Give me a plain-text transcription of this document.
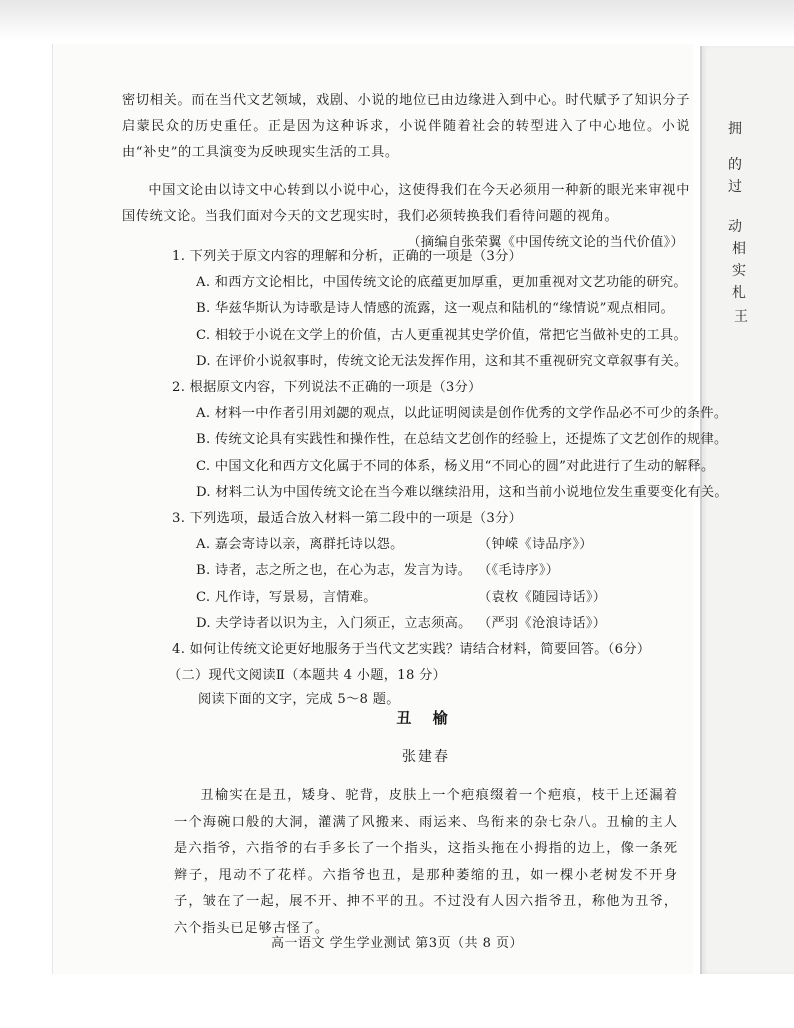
拥
的
过
动
相
实
札
王

密切相关。而在当代文艺领域，戏剧、小说的地位已由边缘进入到中心。时代赋予了知识分子启蒙民众的历史重任。正是因为这种诉求，小说伴随着社会的转型进入了中心地位。小说由“补史”的工具演变为反映现实生活的工具。

中国文论由以诗文中心转到以小说中心，这使得我们在今天必须用一种新的眼光来审视中国传统文论。当我们面对今天的文艺现实时，我们必须转换我们看待问题的视角。

（摘编自张荣翼《中国传统文论的当代价值》）

1. 下列关于原文内容的理解和分析，正确的一项是（3分）

A. 和西方文论相比，中国传统文论的底蕴更加厚重，更加重视对文艺功能的研究。

B. 华兹华斯认为诗歌是诗人情感的流露，这一观点和陆机的“缘情说”观点相同。

C. 相较于小说在文学上的价值，古人更重视其史学价值，常把它当做补史的工具。

D. 在评价小说叙事时，传统文论无法发挥作用，这和其不重视研究文章叙事有关。

2. 根据原文内容，下列说法不正确的一项是（3分）

A. 材料一中作者引用刘勰的观点，以此证明阅读是创作优秀的文学作品必不可少的条件。

B. 传统文论具有实践性和操作性，在总结文艺创作的经验上，还提炼了文艺创作的规律。

C. 中国文化和西方文化属于不同的体系，杨义用“不同心的圆”对此进行了生动的解释。

D. 材料二认为中国传统文论在当今难以继续沿用，这和当前小说地位发生重要变化有关。

3. 下列选项，最适合放入材料一第二段中的一项是（3分）

A. 嘉会寄诗以亲，离群托诗以怨。	（钟嵘《诗品序》）
B. 诗者，志之所之也，在心为志，发言为诗。 （《毛诗序》）
C. 凡作诗，写景易，言情难。	（袁枚《随园诗话》）
D. 夫学诗者以识为主，入门须正，立志须高。 （严羽《沧浪诗话》）

4. 如何让传统文论更好地服务于当代文艺实践？请结合材料，简要回答。（6分）

（二）现代文阅读Ⅱ（本题共 4 小题，18 分）

阅读下面的文字，完成 5～8 题。

丑 榆

张建春

丑榆实在是丑，矮身、驼背，皮肤上一个疤痕缀着一个疤痕，枝干上还漏着一个海碗口般的大洞，灌满了风搬来、雨运来、鸟衔来的杂七杂八。丑榆的主人是六指爷，六指爷的右手多长了一个指头，这指头拖在小拇指的边上，像一条死辫子，甩动不了花样。六指爷也丑，是那种萎缩的丑，如一棵小老树发不开身子，皱在了一起，展不开、抻不平的丑。不过没有人因六指爷丑，称他为丑爷，六个指头已足够古怪了。

高一语文 学生学业测试 第3页（共 8 页）
